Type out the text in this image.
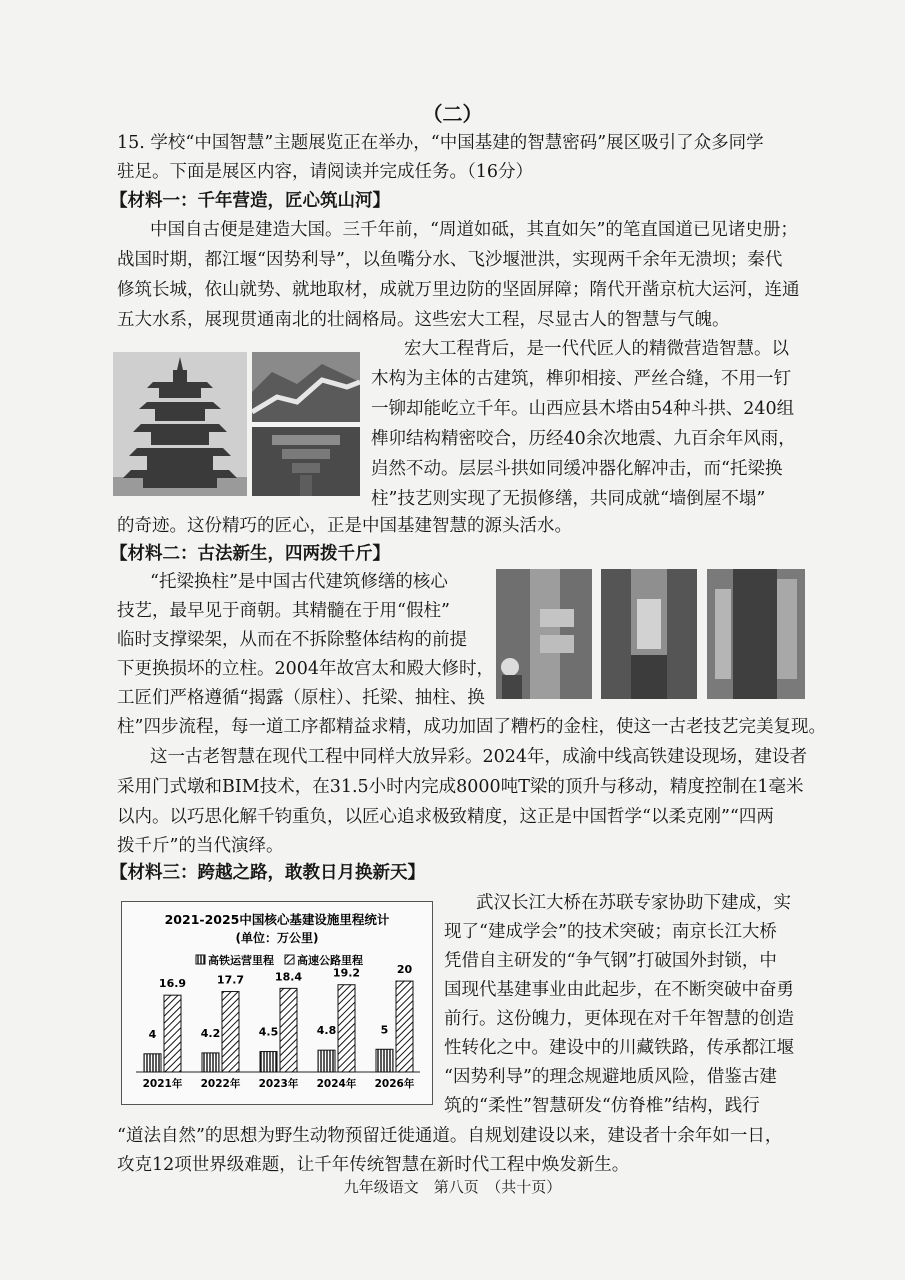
（二）
15. 学校“中国智慧”主题展览正在举办，“中国基建的智慧密码”展区吸引了众多同学
驻足。下面是展区内容，请阅读并完成任务。（16分）
【材料一：千年营造，匠心筑山河】
中国自古便是建造大国。三千年前，“周道如砥，其直如矢”的笔直国道已见诸史册；
战国时期，都江堰“因势利导”，以鱼嘴分水、飞沙堰泄洪，实现两千余年无溃坝；秦代
修筑长城，依山就势、就地取材，成就万里边防的坚固屏障；隋代开凿京杭大运河，连通
五大水系，展现贯通南北的壮阔格局。这些宏大工程，尽显古人的智慧与气魄。
宏大工程背后，是一代代匠人的精微营造智慧。以
木构为主体的古建筑，榫卯相接、严丝合缝，不用一钉
一铆却能屹立千年。山西应县木塔由54种斗拱、240组
榫卯结构精密咬合，历经40余次地震、九百余年风雨，
岿然不动。层层斗拱如同缓冲器化解冲击，而“托梁换
柱”技艺则实现了无损修缮，共同成就“墙倒屋不塌”
的奇迹。这份精巧的匠心，正是中国基建智慧的源头活水。
【材料二：古法新生，四两拨千斤】
“托梁换柱”是中国古代建筑修缮的核心
技艺，最早见于商朝。其精髓在于用“假柱”
临时支撑梁架，从而在不拆除整体结构的前提
下更换损坏的立柱。2004年故宫太和殿大修时，
工匠们严格遵循“揭露（原柱）、托梁、抽柱、换
柱”四步流程，每一道工序都精益求精，成功加固了糟朽的金柱，使这一古老技艺完美复现。
这一古老智慧在现代工程中同样大放异彩。2024年，成渝中线高铁建设现场，建设者
采用门式墩和BIM技术，在31.5小时内完成8000吨T梁的顶升与移动，精度控制在1毫米
以内。以巧思化解千钧重负，以匠心追求极致精度，这正是中国哲学“以柔克刚”“四两
拨千斤”的当代演绎。
【材料三：跨越之路，敢教日月换新天】
2021-2025中国核心基建设施里程统计
(单位：万公里)
高铁运营里程 高速公路里程
4
16.9
2021年
4.2
17.7
2022年
4.5
18.4
2023年
4.8
19.2
2024年
5
20
2026年
武汉长江大桥在苏联专家协助下建成，实
现了“建成学会”的技术突破；南京长江大桥
凭借自主研发的“争气钢”打破国外封锁，中
国现代基建事业由此起步，在不断突破中奋勇
前行。这份魄力，更体现在对千年智慧的创造
性转化之中。建设中的川藏铁路，传承都江堰
“因势利导”的理念规避地质风险，借鉴古建
筑的“柔性”智慧研发“仿脊椎”结构，践行
“道法自然”的思想为野生动物预留迁徙通道。自规划建设以来，建设者十余年如一日，
攻克12项世界级难题，让千年传统智慧在新时代工程中焕发新生。
九年级语文　第八页　（共十页）
